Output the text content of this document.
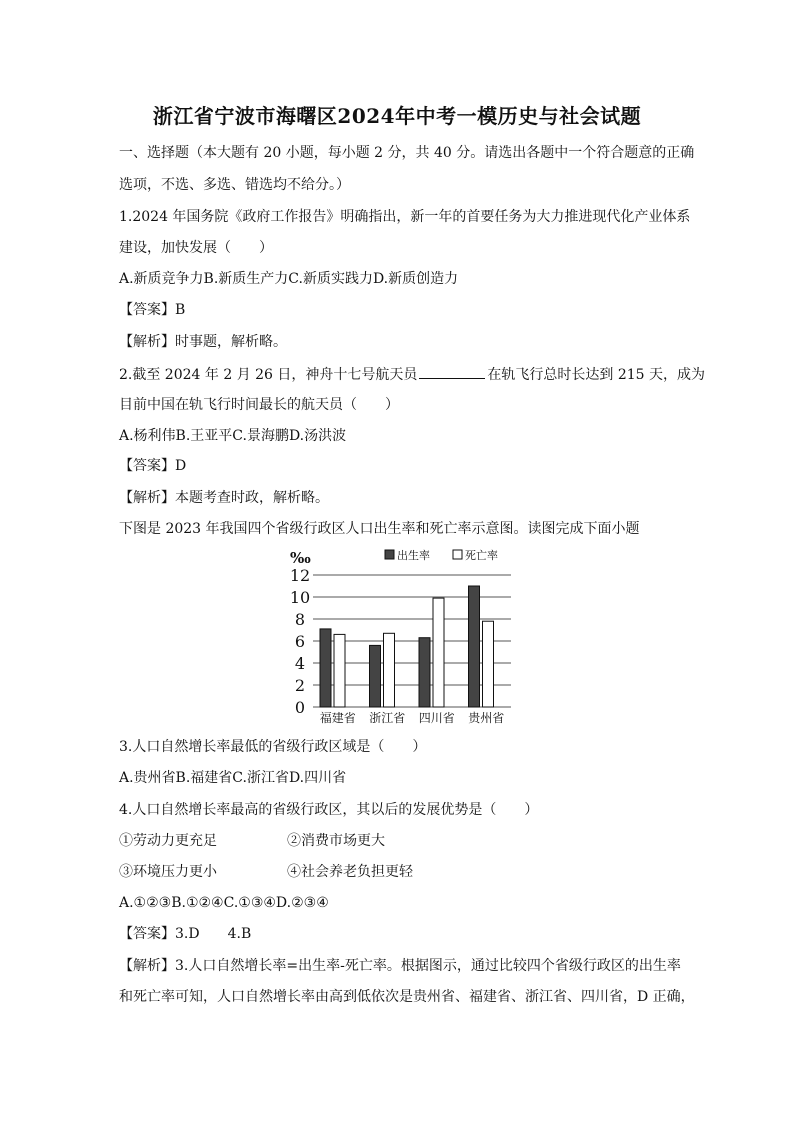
浙江省宁波市海曙区2024年中考一模历史与社会试题
一、选择题（本大题有 20 小题，每小题 2 分，共 40 分。请选出各题中一个符合题意的正确
选项，不选、多选、错选均不给分。）
1.2024 年国务院《政府工作报告》明确指出，新一年的首要任务为大力推进现代化产业体系
建设，加快发展（　　）
A.新质竞争力B.新质生产力C.新质实践力D.新质创造力
【答案】B
【解析】时事题，解析略。
2.截至 2024 年 2 月 26 日，神舟十七号航天员	在轨飞行总时长达到 215 天，成为
目前中国在轨飞行时间最长的航天员（　　）
A.杨利伟B.王亚平C.景海鹏D.汤洪波
【答案】D
【解析】本题考查时政，解析略。
下图是 2023 年我国四个省级行政区人口出生率和死亡率示意图。读图完成下面小题
0
2
4
6
8
10
12
‰
福建省 浙江省 四川省 贵州省
出生率	死亡率
3.人口自然增长率最低的省级行政区域是（　　）
A.贵州省B.福建省C.浙江省D.四川省
4.人口自然增长率最高的省级行政区，其以后的发展优势是（　　）
①劳动力更充足	②消费市场更大
③环境压力更小	④社会养老负担更轻
A.①②③B.①②④C.①③④D.②③④
【答案】3.D　　4.B
【解析】3.人口自然增长率=出生率-死亡率。根据图示，通过比较四个省级行政区的出生率
和死亡率可知，人口自然增长率由高到低依次是贵州省、福建省、浙江省、四川省，D 正确，
